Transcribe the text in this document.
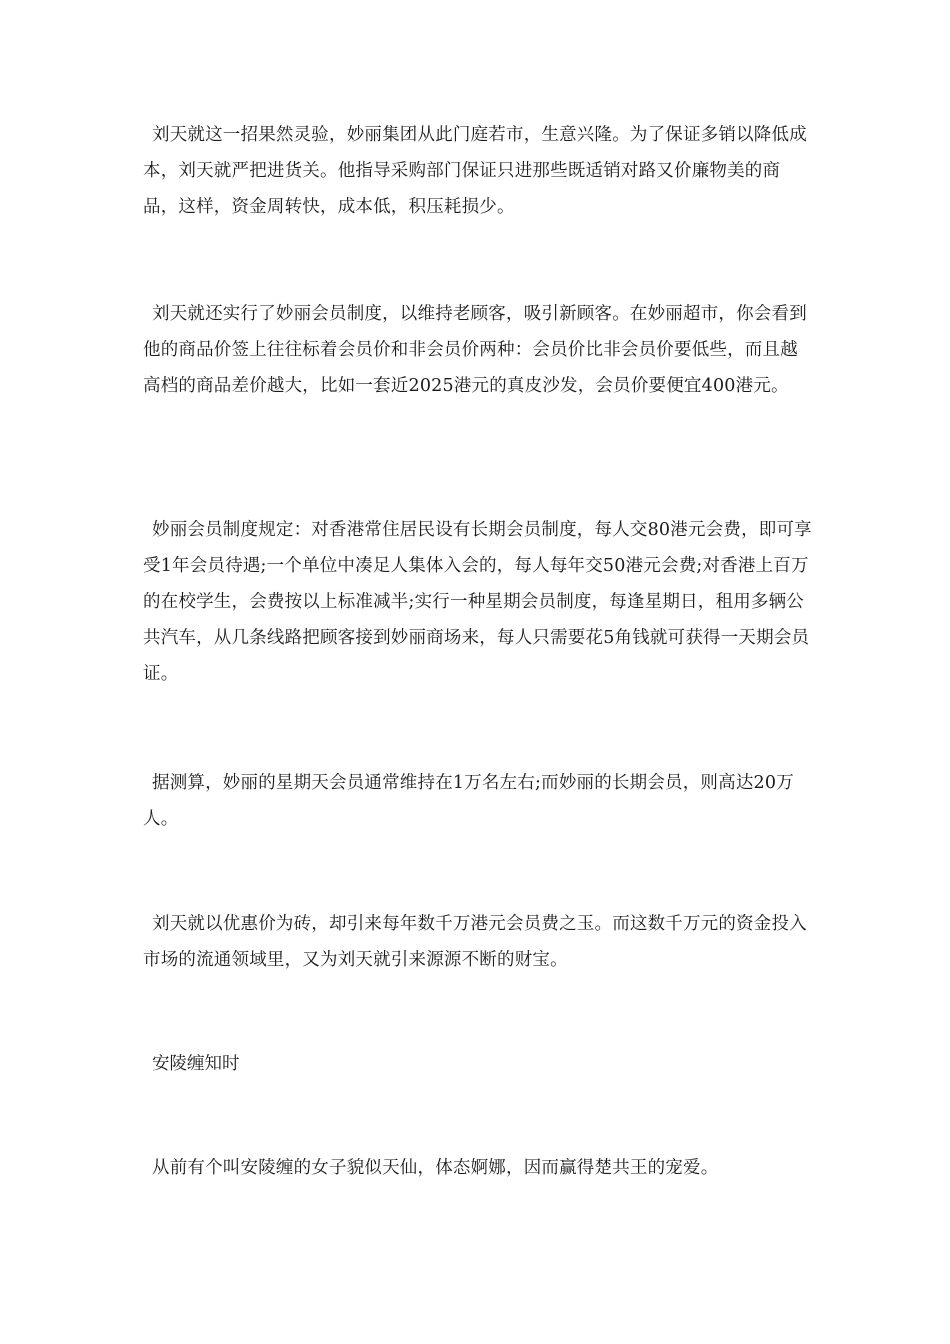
刘天就这一招果然灵验，妙丽集团从此门庭若市，生意兴隆。为了保证多销以降低成本，刘天就严把进货关。他指导采购部门保证只进那些既适销对路又价廉物美的商品，这样，资金周转快，成本低，积压耗损少。

刘天就还实行了妙丽会员制度，以维持老顾客，吸引新顾客。在妙丽超市，你会看到他的商品价签上往往标着会员价和非会员价两种：会员价比非会员价要低些，而且越高档的商品差价越大，比如一套近2025港元的真皮沙发，会员价要便宜400港元。

妙丽会员制度规定：对香港常住居民设有长期会员制度，每人交80港元会费，即可享受1年会员待遇;一个单位中凑足人集体入会的，每人每年交50港元会费;对香港上百万的在校学生，会费按以上标准减半;实行一种星期会员制度，每逢星期日，租用多辆公共汽车，从几条线路把顾客接到妙丽商场来，每人只需要花5角钱就可获得一天期会员证。

据测算，妙丽的星期天会员通常维持在1万名左右;而妙丽的长期会员，则高达20万人。

刘天就以优惠价为砖，却引来每年数千万港元会员费之玉。而这数千万元的资金投入市场的流通领域里，又为刘天就引来源源不断的财宝。

安陵缠知时

从前有个叫安陵缠的女子貌似天仙，体态婀娜，因而赢得楚共王的宠爱。
